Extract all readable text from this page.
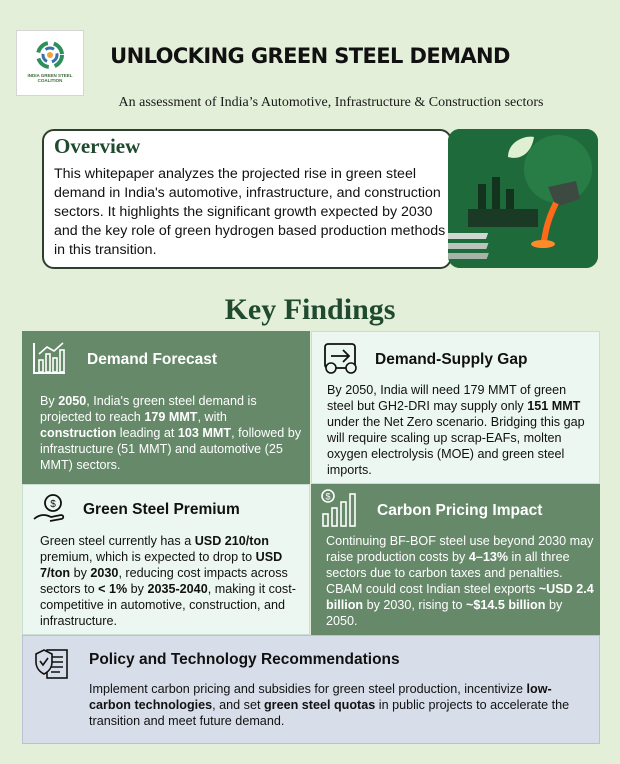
INDIA GREEN STEEL
COALITION
UNLOCKING GREEN STEEL DEMAND
An assessment of India’s Automotive, Infrastructure & Construction sectors
Overview

This whitepaper analyzes the projected rise in green steel demand in India's automotive, infrastructure, and construction sectors. It highlights the significant growth expected by 2030 and the key role of green hydrogen based production methods in this transition.

Key Findings
Demand Forecast

By 2050, India's green steel demand is projected to reach 179 MMT, with construction leading at 103 MMT, followed by infrastructure (51 MMT) and automotive (25 MMT) sectors.

Demand-Supply Gap

By 2050, India will need 179 MMT of green steel but GH2-DRI may supply only 151 MMT under the Net Zero scenario. Bridging this gap will require scaling up scrap-EAFs, molten oxygen electrolysis (MOE) and green steel imports.

$ Green Steel Premium

Green steel currently has a USD 210/ton premium, which is expected to drop to USD 7/ton by 2030, reducing cost impacts across sectors to < 1% by 2035-2040, making it cost-competitive in automotive, construction, and infrastructure.

$
Carbon Pricing Impact

Continuing BF-BOF steel use beyond 2030 may raise production costs by 4–13% in all three sectors due to carbon taxes and penalties. CBAM could cost Indian steel exports ~USD 2.4 billion by 2030, rising to ~$14.5 billion by 2050.

Policy and Technology Recommendations

Implement carbon pricing and subsidies for green steel production, incentivize low-carbon technologies, and set green steel quotas in public projects to accelerate the transition and meet future demand.
